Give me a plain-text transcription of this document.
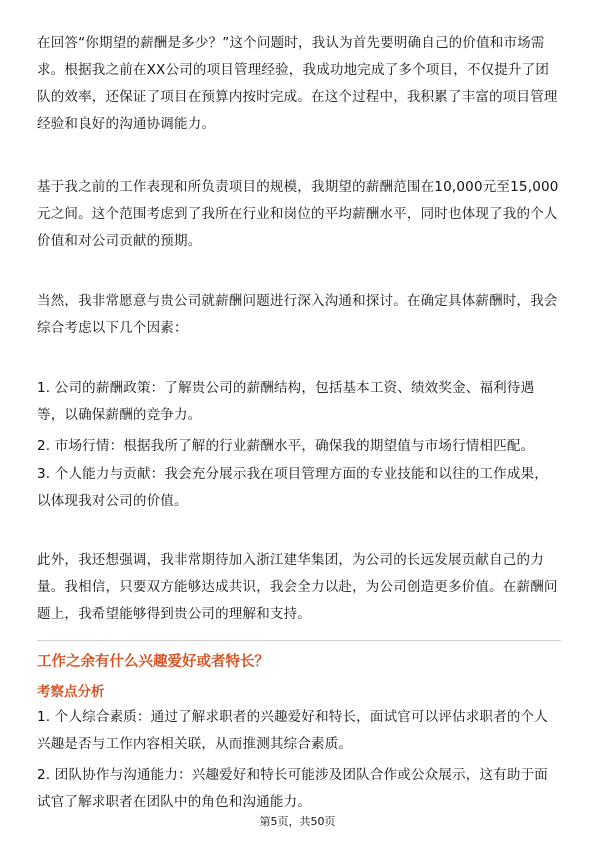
在回答“你期望的薪酬是多少？”这个问题时，我认为首先要明确自己的价值和市场需求。根据我之前在XX公司的项目管理经验，我成功地完成了多个项目，不仅提升了团队的效率，还保证了项目在预算内按时完成。在这个过程中，我积累了丰富的项目管理经验和良好的沟通协调能力。

基于我之前的工作表现和所负责项目的规模，我期望的薪酬范围在10,000元至15,000元之间。这个范围考虑到了我所在行业和岗位的平均薪酬水平，同时也体现了我的个人价值和对公司贡献的预期。

当然，我非常愿意与贵公司就薪酬问题进行深入沟通和探讨。在确定具体薪酬时，我会综合考虑以下几个因素：

1. 公司的薪酬政策：了解贵公司的薪酬结构，包括基本工资、绩效奖金、福利待遇等，以确保薪酬的竞争力。

2. 市场行情：根据我所了解的行业薪酬水平，确保我的期望值与市场行情相匹配。

3. 个人能力与贡献：我会充分展示我在项目管理方面的专业技能和以往的工作成果，以体现我对公司的价值。

此外，我还想强调，我非常期待加入浙江建华集团，为公司的长远发展贡献自己的力量。我相信，只要双方能够达成共识，我会全力以赴，为公司创造更多价值。在薪酬问题上，我希望能够得到贵公司的理解和支持。

工作之余有什么兴趣爱好或者特长？

考察点分析

1. 个人综合素质：通过了解求职者的兴趣爱好和特长，面试官可以评估求职者的个人兴趣是否与工作内容相关联，从而推测其综合素质。

2. 团队协作与沟通能力：兴趣爱好和特长可能涉及团队合作或公众展示，这有助于面试官了解求职者在团队中的角色和沟通能力。

第5页，共50页
